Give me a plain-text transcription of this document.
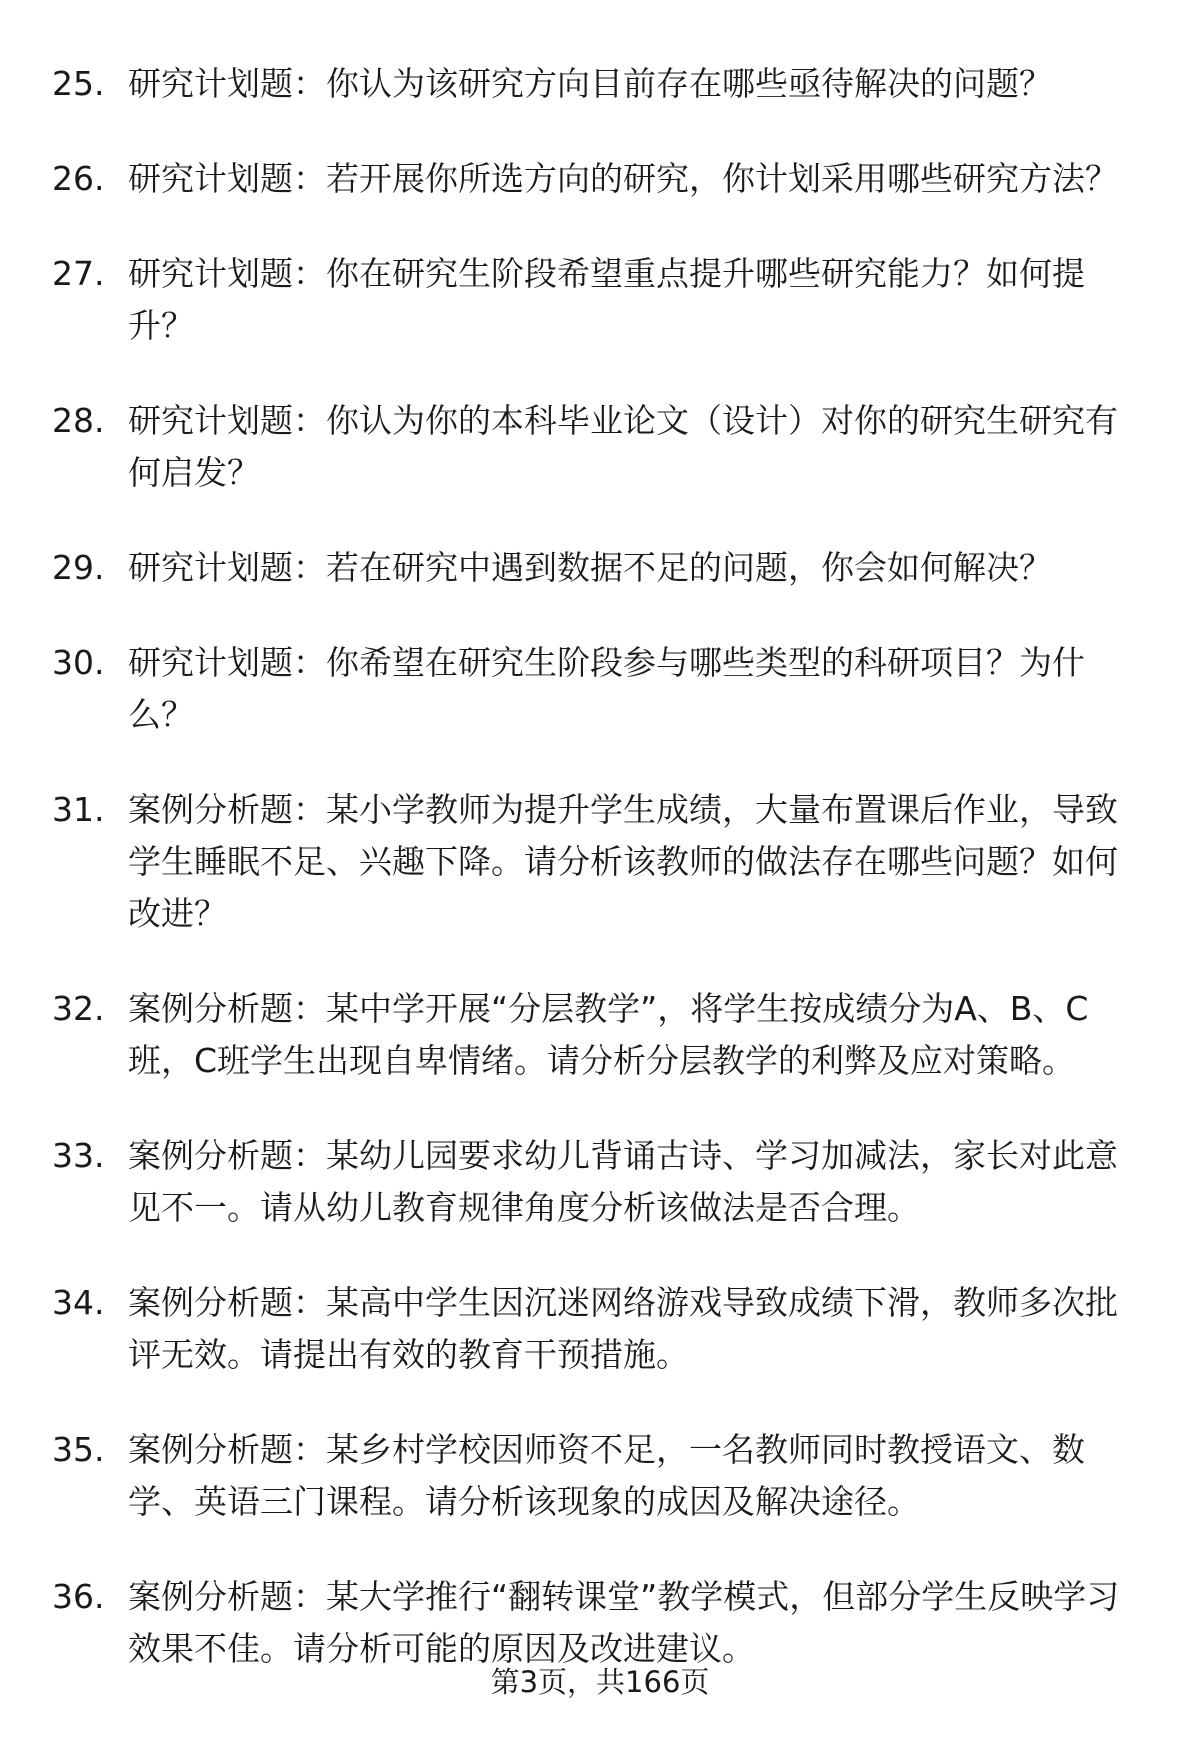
25. 研究计划题：你认为该研究方向目前存在哪些亟待解决的问题？
26. 研究计划题：若开展你所选方向的研究，你计划采用哪些研究方法？
27. 研究计划题：你在研究生阶段希望重点提升哪些研究能力？如何提升？
28. 研究计划题：你认为你的本科毕业论文（设计）对你的研究生研究有何启发？
29. 研究计划题：若在研究中遇到数据不足的问题，你会如何解决？
30. 研究计划题：你希望在研究生阶段参与哪些类型的科研项目？为什么？
31. 案例分析题：某小学教师为提升学生成绩，大量布置课后作业，导致学生睡眠不足、兴趣下降。请分析该教师的做法存在哪些问题？如何改进？
32. 案例分析题：某中学开展“分层教学”，将学生按成绩分为A、B、C班，C班学生出现自卑情绪。请分析分层教学的利弊及应对策略。
33. 案例分析题：某幼儿园要求幼儿背诵古诗、学习加减法，家长对此意见不一。请从幼儿教育规律角度分析该做法是否合理。
34. 案例分析题：某高中学生因沉迷网络游戏导致成绩下滑，教师多次批评无效。请提出有效的教育干预措施。
35. 案例分析题：某乡村学校因师资不足，一名教师同时教授语文、数学、英语三门课程。请分析该现象的成因及解决途径。
36. 案例分析题：某大学推行“翻转课堂”教学模式，但部分学生反映学习效果不佳。请分析可能的原因及改进建议。
第3页，共166页
